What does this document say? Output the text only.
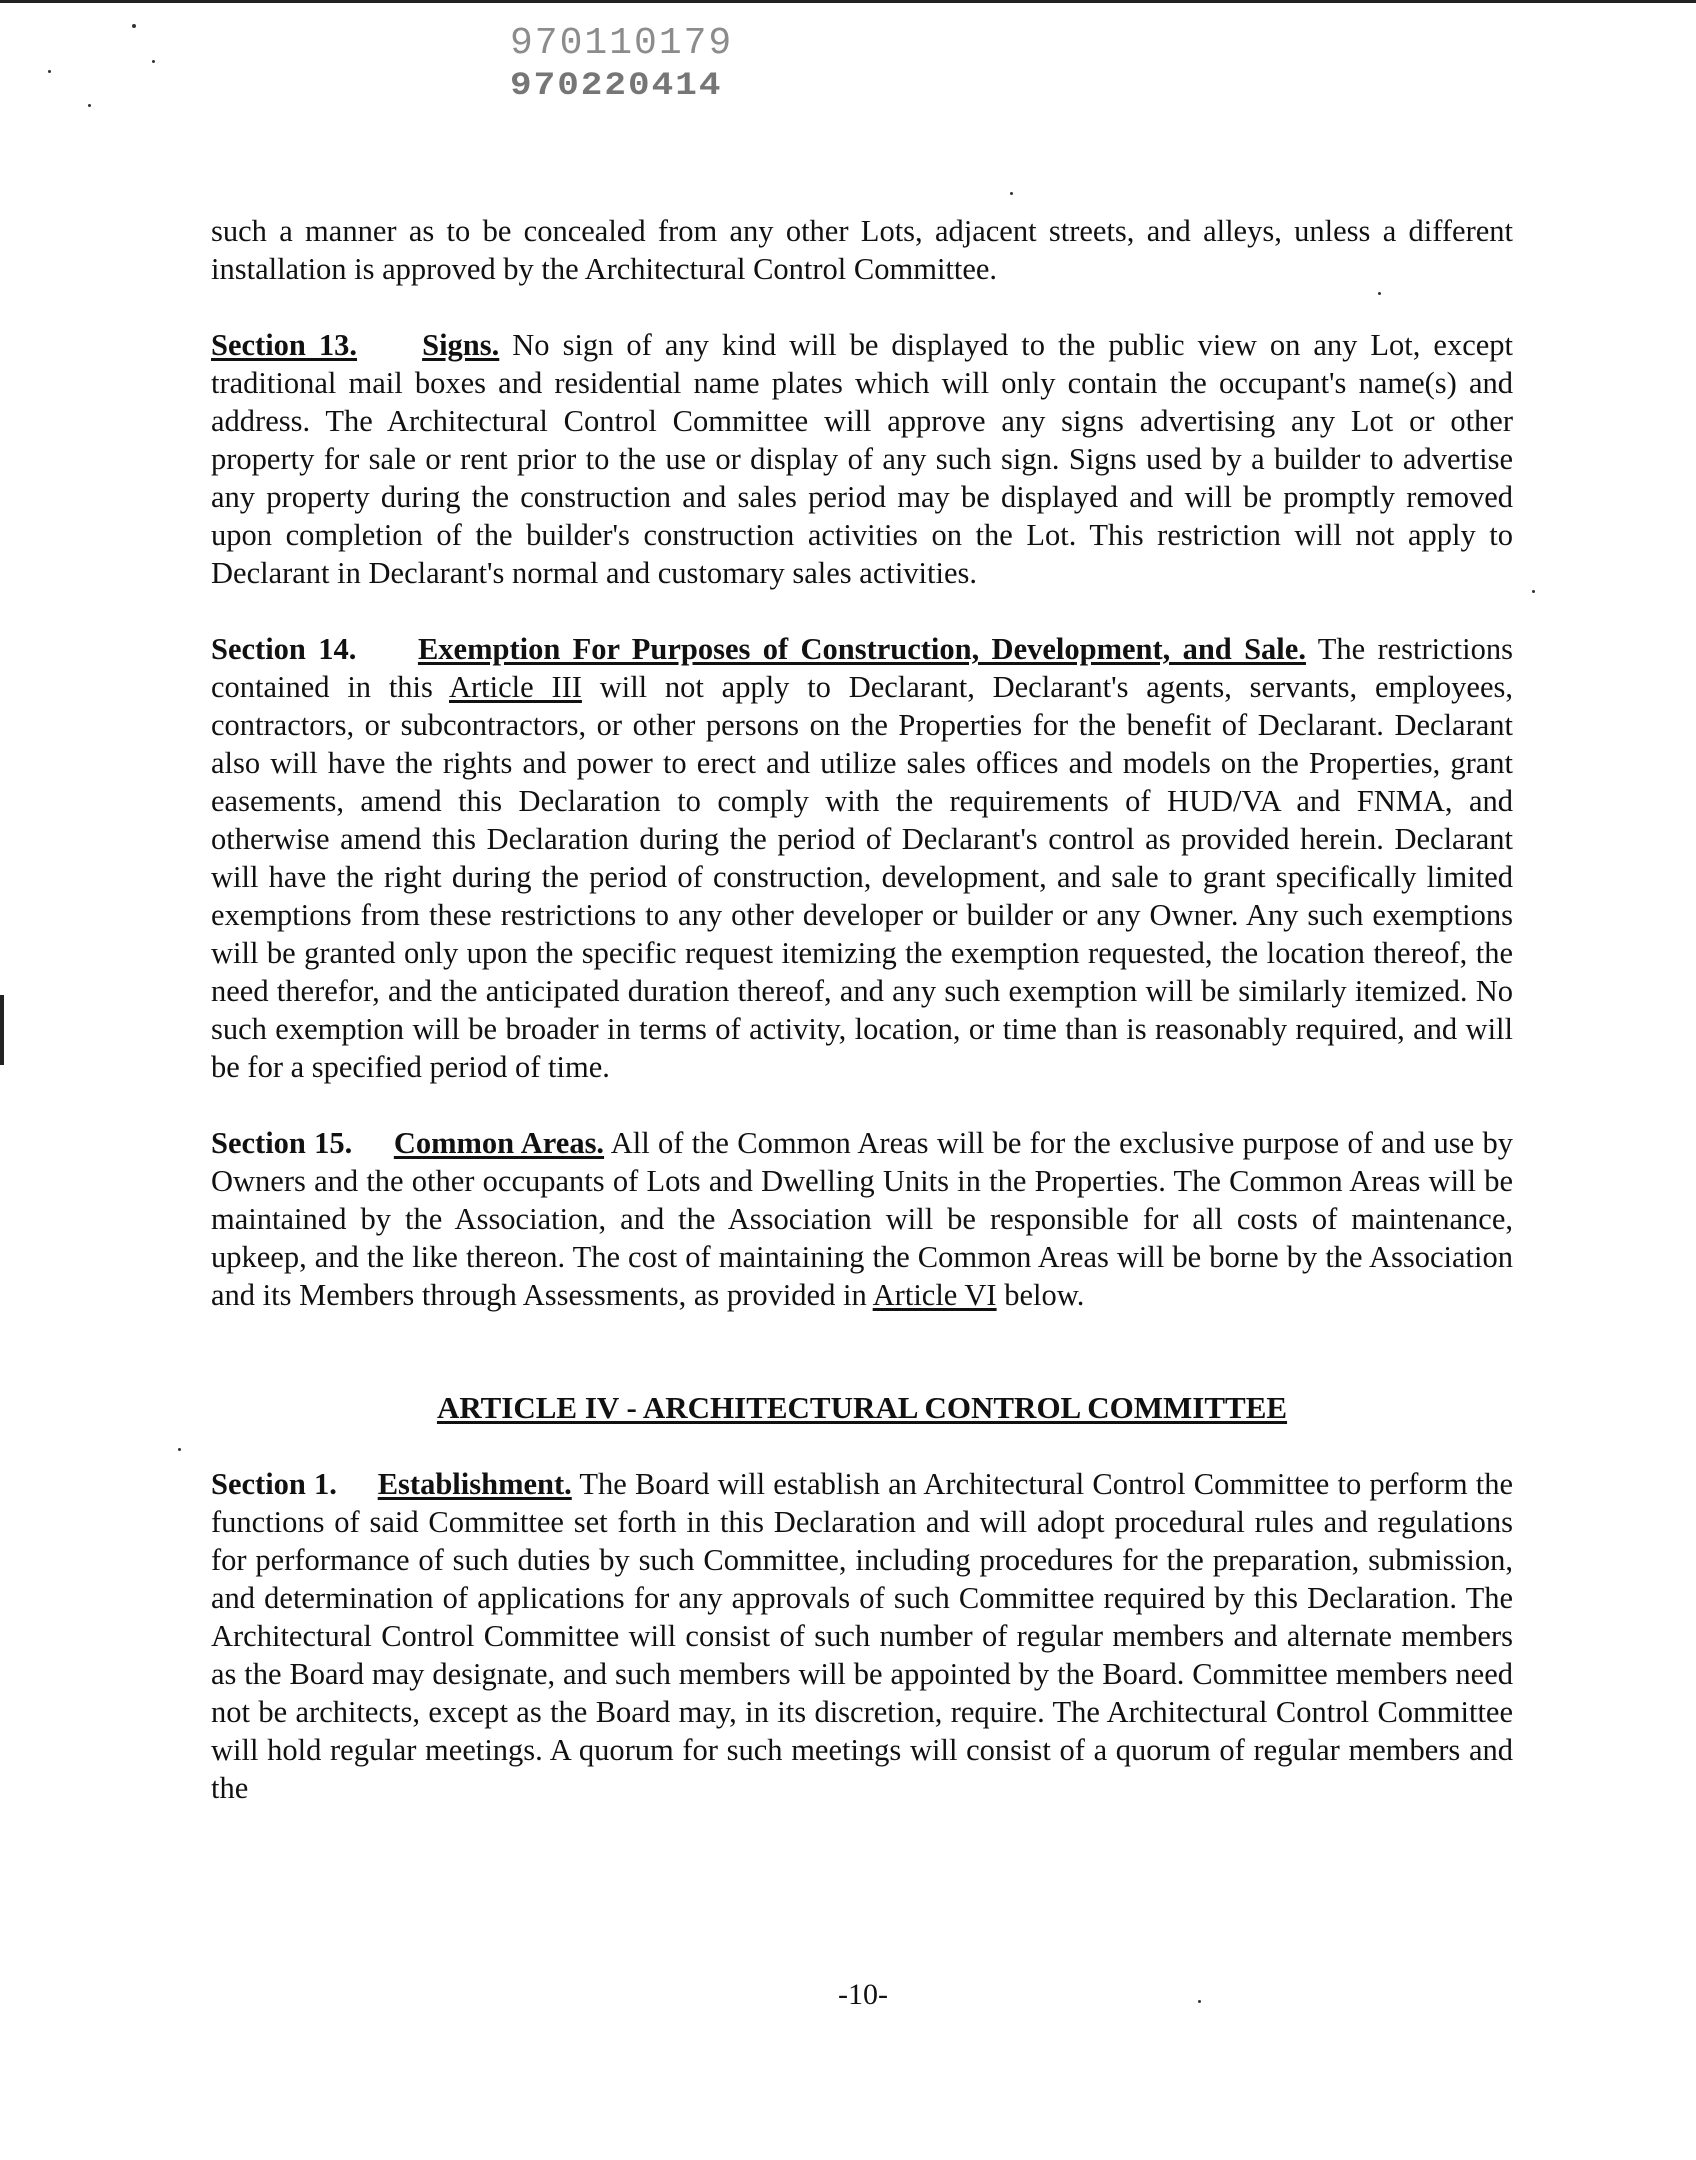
970110179
970220414

such a manner as to be concealed from any other Lots, adjacent streets, and alleys, unless a different installation is approved by the Architectural Control Committee.

Section 13. Signs. No sign of any kind will be displayed to the public view on any Lot, except traditional mail boxes and residential name plates which will only contain the occupant's name(s) and address. The Architectural Control Committee will approve any signs advertising any Lot or other property for sale or rent prior to the use or display of any such sign. Signs used by a builder to advertise any property during the construction and sales period may be displayed and will be promptly removed upon completion of the builder's construction activities on the Lot. This restriction will not apply to Declarant in Declarant's normal and customary sales activities.

Section 14. Exemption For Purposes of Construction, Development, and Sale. The restrictions contained in this Article III will not apply to Declarant, Declarant's agents, servants, employees, contractors, or subcontractors, or other persons on the Properties for the benefit of Declarant. Declarant also will have the rights and power to erect and utilize sales offices and models on the Properties, grant easements, amend this Declaration to comply with the requirements of HUD/VA and FNMA, and otherwise amend this Declaration during the period of Declarant's control as provided herein. Declarant will have the right during the period of construction, development, and sale to grant specifically limited exemptions from these restrictions to any other developer or builder or any Owner. Any such exemptions will be granted only upon the specific request itemizing the exemption requested, the location thereof, the need therefor, and the anticipated duration thereof, and any such exemption will be similarly itemized. No such exemption will be broader in terms of activity, location, or time than is reasonably required, and will be for a specified period of time.

Section 15. Common Areas. All of the Common Areas will be for the exclusive purpose of and use by Owners and the other occupants of Lots and Dwelling Units in the Properties. The Common Areas will be maintained by the Association, and the Association will be responsible for all costs of maintenance, upkeep, and the like thereon. The cost of maintaining the Common Areas will be borne by the Association and its Members through Assessments, as provided in Article VI below.

ARTICLE IV - ARCHITECTURAL CONTROL COMMITTEE

Section 1. Establishment. The Board will establish an Architectural Control Committee to perform the functions of said Committee set forth in this Declaration and will adopt procedural rules and regulations for performance of such duties by such Committee, including procedures for the preparation, submission, and determination of applications for any approvals of such Committee required by this Declaration. The Architectural Control Committee will consist of such number of regular members and alternate members as the Board may designate, and such members will be appointed by the Board. Committee members need not be architects, except as the Board may, in its discretion, require. The Architectural Control Committee will hold regular meetings. A quorum for such meetings will consist of a quorum of regular members and the

-10-
